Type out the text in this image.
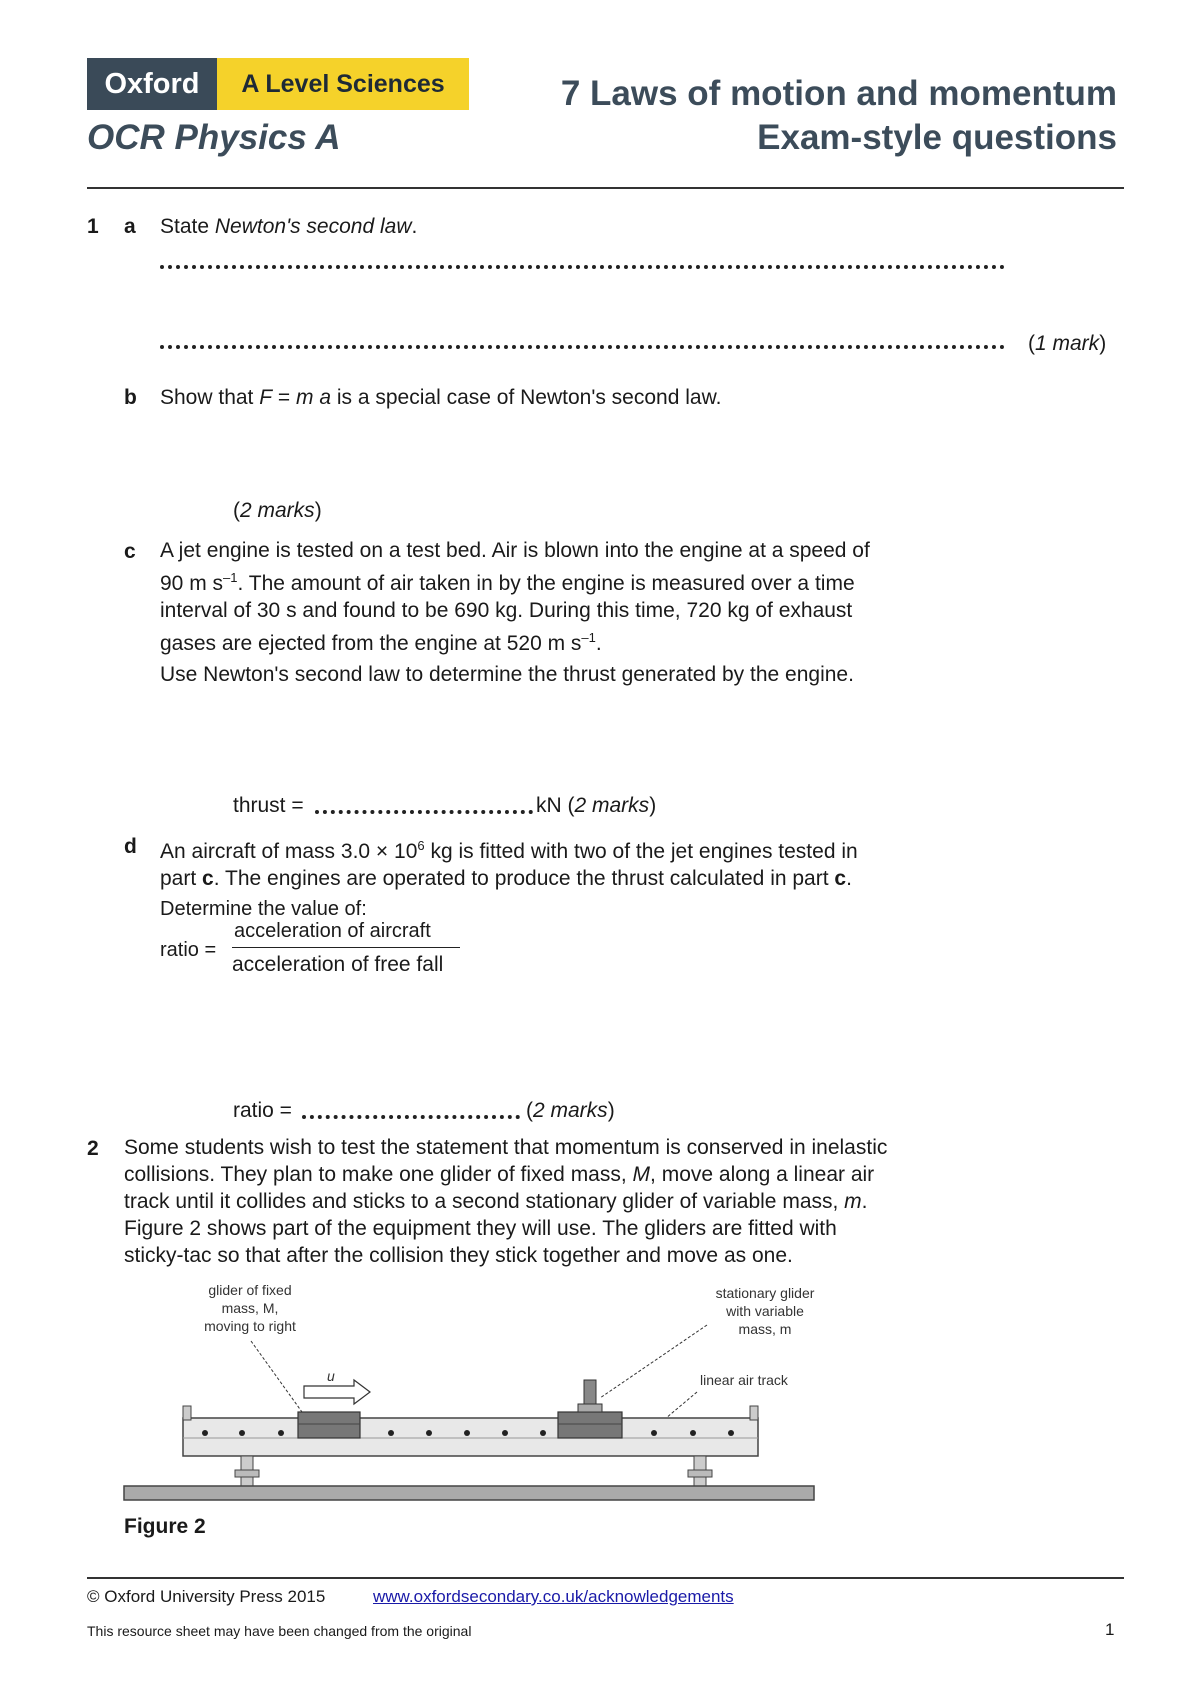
Oxford	A Level Sciences
OCR Physics A
7 Laws of motion and momentum
Exam-style questions
1 a State Newton's second law.
(1 mark)
b Show that F = m a is a special case of Newton's second law.
(2 marks)
c A jet engine is tested on a test bed. Air is blown into the engine at a speed of
90 m $s^{-1}$. The amount of air taken in by the engine is measured over a time
interval of 30 s and found to be 690 kg. During this time, 720 kg of exhaust
gases are ejected from the engine at 520 m $s^{-1}$.
Use Newton's second law to determine the thrust generated by the engine.
thrust =	kN (2 marks)
d An aircraft of mass $3.0 \times 10^6$ kg is fitted with two of the jet engines tested in
part c. The engines are operated to produce the thrust calculated in part c.
Determine the value of:
ratio =
acceleration of aircraft
acceleration of free fall
ratio =	(2 marks)
2 Some students wish to test the statement that momentum is conserved in inelastic
collisions. They plan to make one glider of fixed mass, M, move along a linear air
track until it collides and sticks to a second stationary glider of variable mass, m.
Figure 2 shows part of the equipment they will use. The gliders are fitted with
sticky-tac so that after the collision they stick together and move as one.
glider of fixed
mass, M,
moving to right
stationary glider
with variable
mass, m
linear air track
u
Figure 2
© Oxford University Press 2015	www.oxfordsecondary.co.uk/acknowledgements
This resource sheet may have been changed from the original	1
